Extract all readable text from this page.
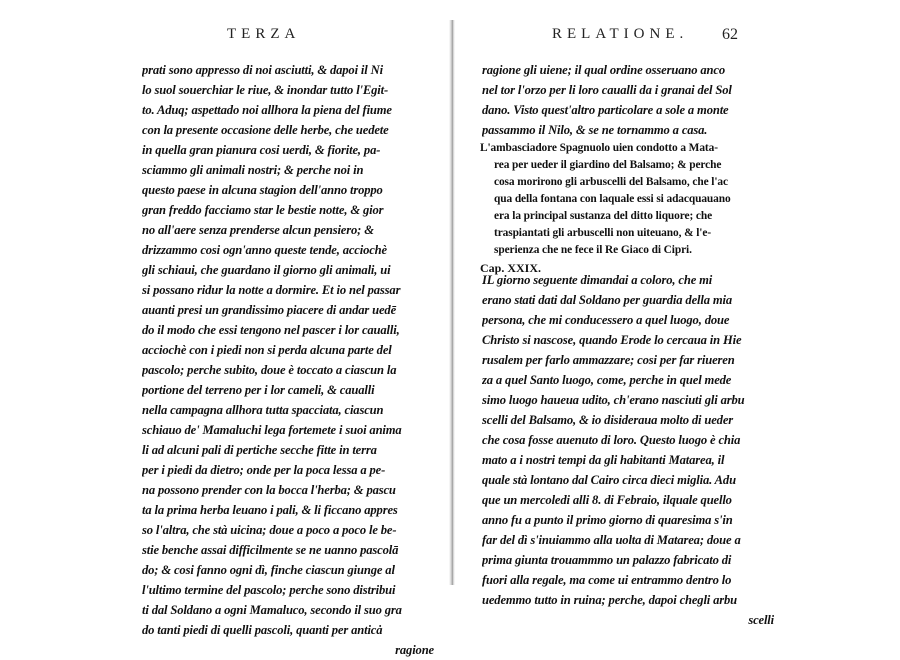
TERZA
prati sono appresso di noi asciutti, & dapoi il Ni
lo suol souerchiar le riue, & inondar tutto l'Egit-
to. Aduq; aspettado noi allhora la piena del fiume
con la presente occasione delle herbe, che uedete
in quella gran pianura cosi uerdi, & fiorite, pa-
sciammo gli animali nostri; & perche noi in
questo paese in alcuna stagion dell'anno troppo
gran freddo facciamo star le bestie notte, & gior
no all'aere senza prenderse alcun pensiero; &
drizzammo cosi ogn'anno queste tende, acciochè
gli schiaui, che guardano il giorno gli animali, ui
si possano ridur la notte a dormire. Et io nel passar
auanti presi un grandissimo piacere di andar uedē
do il modo che essi tengono nel pascer i lor caualli,
acciochè con i piedi non si perda alcuna parte del
pascolo; perche subito, doue è toccato a ciascun la
portione del terreno per i lor cameli, & caualli
nella campagna allhora tutta spacciata, ciascun
schiauo de' Mamaluchi lega fortemete i suoi anima
li ad alcuni pali di pertiche secche fitte in terra
per i piedi da dietro; onde per la poca lessa a pe-
na possono prender con la bocca l'herba; & pascu
ta la prima herba leuano i pali, & li ficcano appres
so l'altra, che stà uicina; doue a poco a poco le be-
stie benche assai difficilmente se ne uanno pascolā
do; & cosi fanno ogni dì, finche ciascun giunge al
l'ultimo termine del pascolo; perche sono distribui
ti dal Soldano a ogni Mamaluco, secondo il suo gra
do tanti piedi di quelli pascoli, quanti per anticȧ
ragione
RELATIONE.
ragione gli uiene; il qual ordine osseruano anco
nel tor l'orzo per li loro caualli da i granai del Sol
dano. Visto quest'altro particolare a sole a monte
passammo il Nilo, & se ne tornammo a casa.
L'ambasciadore Spagnuolo uien condotto a Mata-
rea per ueder il giardino del Balsamo; & perche
cosa morirono gli arbuscelli del Balsamo, che l'ac
qua della fontana con laquale essi si adacquauano
era la principal sustanza del ditto liquore; che
traspiantati gli arbuscelli non uiteuano, & l'e-
sperienza che ne fece il Re Giaco di Cipri.
Cap. XXIX.
IL giorno seguente dimandai a coloro, che mi
erano stati dati dal Soldano per guardia della mia
persona, che mi conducessero a quel luogo, doue
Christo si nascose, quando Erode lo cercaua in Hie
rusalem per farlo ammazzare; cosi per far riueren
za a quel Santo luogo, come, perche in quel mede
simo luogo haueua udito, ch'erano nasciuti gli arbu
scelli del Balsamo, & io disideraua molto di ueder
che cosa fosse auenuto di loro. Questo luogo è chia
mato a i nostri tempi da gli habitanti Matarea, il
quale stà lontano dal Cairo circa dieci miglia. Adu
que un mercoledi alli 8. di Febraio, ilquale quello
anno fu a punto il primo giorno di quaresima s'in
far del dì s'inuiammo alla uolta di Matarea; doue a
prima giunta trouammmo un palazzo fabricato di
fuori alla regale, ma come ui entrammo dentro lo
uedemmo tutto in ruina; perche, dapoi chegli arbu
scelli
62
